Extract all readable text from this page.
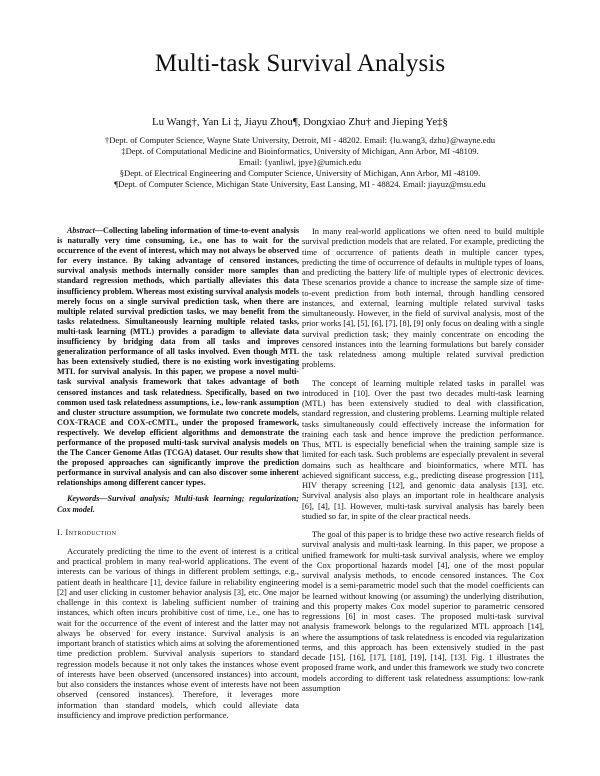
Multi-task Survival Analysis
Lu Wang†, Yan Li ‡, Jiayu Zhou¶, Dongxiao Zhu† and Jieping Ye‡§
†Dept. of Computer Science, Wayne State University, Detroit, MI - 48202. Email: {lu.wang3, dzhu}@wayne.edu
‡Dept. of Computational Medicine and Bioinformatics, University of Michigan, Ann Arbor, MI -48109.
Email: {yanliwl, jpye}@umich.edu
§Dept. of Electrical Engineering and Computer Science, University of Michigan, Ann Arbor, MI -48109.
¶Dept. of Computer Science, Michigan State University, East Lansing, MI - 48824. Email: jiayuz@msu.edu

Abstract—Collecting labeling information of time-to-event analysis is naturally very time consuming, i.e., one has to wait for the occurrence of the event of interest, which may not always be observed for every instance. By taking advantage of censored instances, survival analysis methods internally consider more samples than standard regression methods, which partially alleviates this data insufficiency problem. Whereas most existing survival analysis models merely focus on a single survival prediction task, when there are multiple related survival prediction tasks, we may benefit from the tasks relatedness. Simultaneously learning multiple related tasks, multi-task learning (MTL) provides a paradigm to alleviate data insufficiency by bridging data from all tasks and improves generalization performance of all tasks involved. Even though MTL has been extensively studied, there is no existing work investigating MTL for survival analysis. In this paper, we propose a novel multi-task survival analysis framework that takes advantage of both censored instances and task relatedness. Specifically, based on two common used task relatedness assumptions, i.e., low-rank assumption and cluster structure assumption, we formulate two concrete models, COX-TRACE and COX-cCMTL, under the proposed framework, respectively. We develop efficient algorithms and demonstrate the performance of the proposed multi-task survival analysis models on the The Cancer Genome Atlas (TCGA) dataset. Our results show that the proposed approaches can significantly improve the prediction performance in survival analysis and can also discover some inherent relationships among different cancer types.

Keywords—Survival analysis; Multi-task learning; regularization; Cox model.

I. Introduction

Accurately predicting the time to the event of interest is a critical and practical problem in many real-world applications. The event of interests can be various of things in different problem settings, e.g., patient death in healthcare [1], device failure in reliability engineering [2] and user clicking in customer behavior analysis [3], etc. One major challenge in this context is labeling sufficient number of training instances, which often incurs prohibitive cost of time, i.e., one has to wait for the occurrence of the event of interest and the latter may not always be observed for every instance. Survival analysis is an important branch of statistics which aims at solving the aforementioned time prediction problem. Survival analysis superiors to standard regression models because it not only takes the instances whose event of interests have been observed (uncensored instances) into account, but also considers the instances whose event of interests have not been observed (censored instances). Therefore, it leverages more information than standard models, which could alleviate data insufficiency and improve prediction performance.

In many real-world applications we often need to build multiple survival prediction models that are related. For example, predicting the time of occurrence of patients death in multiple cancer types, predicting the time of occurrence of defaults in multiple types of loans, and predicting the battery life of multiple types of electronic devices. These scenarios provide a chance to increase the sample size of time-to-event prediction from both internal, through handling censored instances, and external, learning multiple related survival tasks simultaneously. However, in the field of survival analysis, most of the prior works [4], [5], [6], [7], [8], [9] only focus on dealing with a single survival prediction task; they mainly concentrate on encoding the censored instances into the learning formulations but barely consider the task relatedness among multiple related survival prediction problems.

The concept of learning multiple related tasks in parallel was introduced in [10]. Over the past two decades multi-task learning (MTL) has been extensively studied to deal with classification, standard regression, and clustering problems. Learning multiple related tasks simultaneously could effectively increase the information for training each task and hence improve the prediction performance. Thus, MTL is especially beneficial when the training sample size is limited for each task. Such problems are especially prevalent in several domains such as healthcare and bioinformatics, where MTL has achieved significant success, e.g., predicting disease progression [11], HIV therapy screening [12], and genomic data analysis [13], etc. Survival analysis also plays an important role in healthcare analysis [6], [4], [1]. However, multi-task survival analysis has barely been studied so far, in spite of the clear practical needs.

The goal of this paper is to bridge these two active research fields of survival analysis and multi-task learning. In this paper, we propose a unified framework for multi-task survival analysis, where we employ the Cox proportional hazards model [4], one of the most popular survival analysis methods, to encode censored instances. The Cox model is a semi-parametric model such that the model coefficients can be learned without knowing (or assuming) the underlying distribution, and this property makes Cox model superior to parametric censored regressions [6] in most cases. The proposed multi-task survival analysis framework belongs to the regularized MTL approach [14], where the assumptions of task relatedness is encoded via regularization terms, and this approach has been extensively studied in the past decade [15], [16], [17], [18], [19], [14], [13]. Fig. 1 illustrates the proposed frame work, and under this framework we study two concrete models according to different task relatedness assumptions: low-rank assumption
